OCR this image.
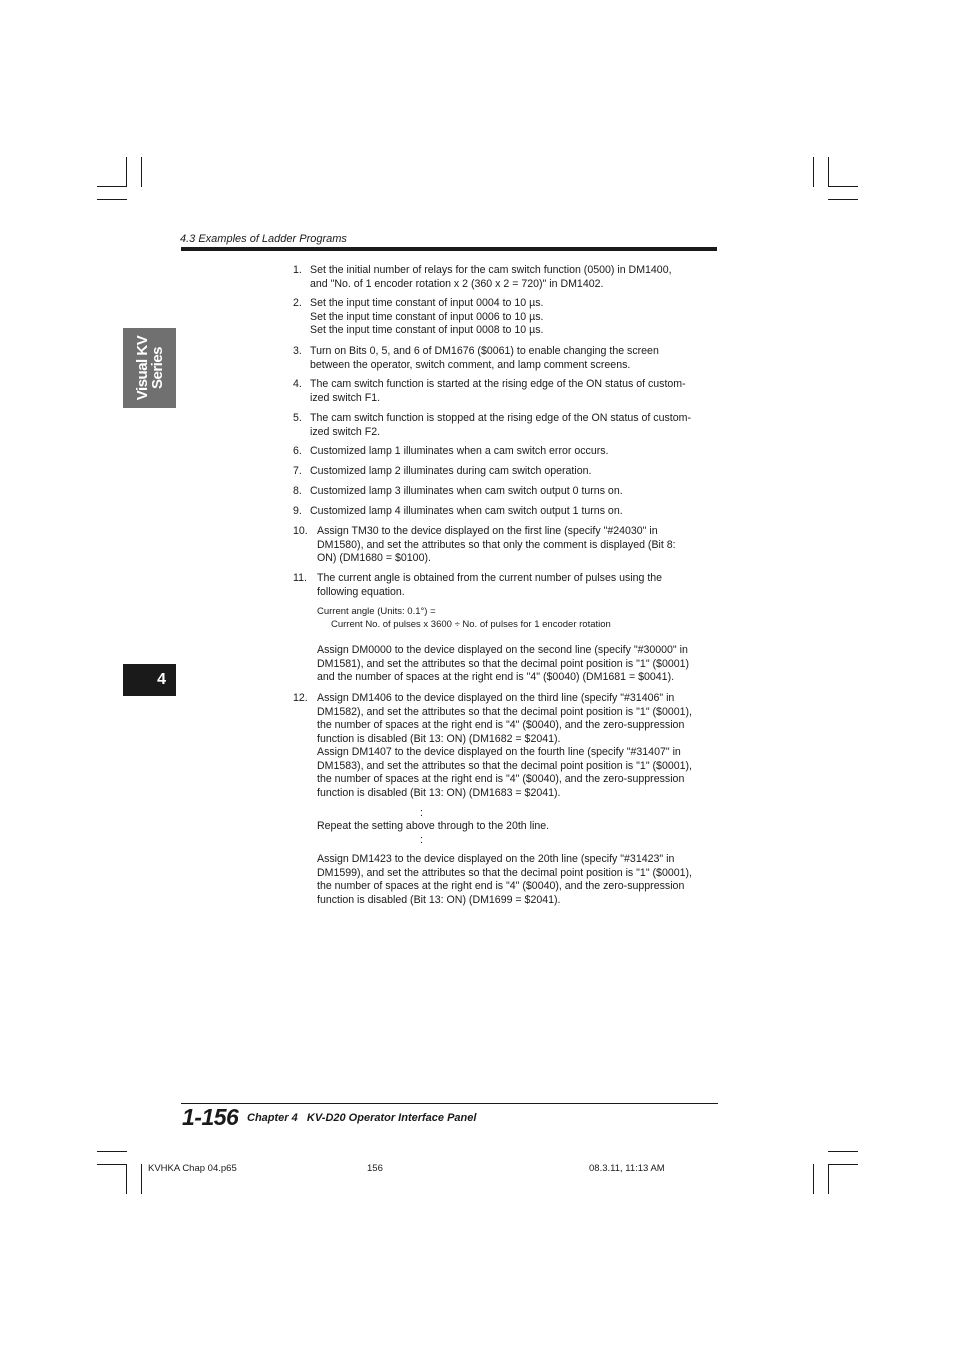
4.3 Examples of Ladder Programs
Visual KV
Series
4
1. Set the initial number of relays for the cam switch function (0500) in DM1400,
and "No. of 1 encoder rotation x 2 (360 x 2 = 720)" in DM1402.
2. Set the input time constant of input 0004 to 10 µs.
Set the input time constant of input 0006 to 10 µs.
Set the input time constant of input 0008 to 10 µs.
3. Turn on Bits 0, 5, and 6 of DM1676 ($0061) to enable changing the screen
between the operator, switch comment, and lamp comment screens.
4. The cam switch function is started at the rising edge of the ON status of custom-
ized switch F1.
5. The cam switch function is stopped at the rising edge of the ON status of custom-
ized switch F2.
6. Customized lamp 1 illuminates when a cam switch error occurs.
7. Customized lamp 2 illuminates during cam switch operation.
8. Customized lamp 3 illuminates when cam switch output 0 turns on.
9. Customized lamp 4 illuminates when cam switch output 1 turns on.
10. Assign TM30 to the device displayed on the first line (specify "#24030" in
DM1580), and set the attributes so that only the comment is displayed (Bit 8:
ON) (DM1680 = $0100).
11. The current angle is obtained from the current number of pulses using the
following equation.
Current angle (Units: 0.1°) =
Current No. of pulses x 3600 ÷ No. of pulses for 1 encoder rotation
Assign DM0000 to the device displayed on the second line (specify "#30000" in
DM1581), and set the attributes so that the decimal point position is "1" ($0001)
and the number of spaces at the right end is "4" ($0040) (DM1681 = $0041).
12. Assign DM1406 to the device displayed on the third line (specify "#31406" in
DM1582), and set the attributes so that the decimal point position is "1" ($0001),
the number of spaces at the right end is "4" ($0040), and the zero-suppression
function is disabled (Bit 13: ON) (DM1682 = $2041).
Assign DM1407 to the device displayed on the fourth line (specify "#31407" in
DM1583), and set the attributes so that the decimal point position is "1" ($0001),
the number of spaces at the right end is "4" ($0040), and the zero-suppression
function is disabled (Bit 13: ON) (DM1683 = $2041).
:
Repeat the setting above through to the 20th line.
:
Assign DM1423 to the device displayed on the 20th line (specify "#31423" in
DM1599), and set the attributes so that the decimal point position is "1" ($0001),
the number of spaces at the right end is "4" ($0040), and the zero-suppression
function is disabled (Bit 13: ON) (DM1699 = $2041).
1-156 Chapter 4   KV-D20 Operator Interface Panel
KVHKA Chap 04.p65	156	08.3.11, 11:13 AM
